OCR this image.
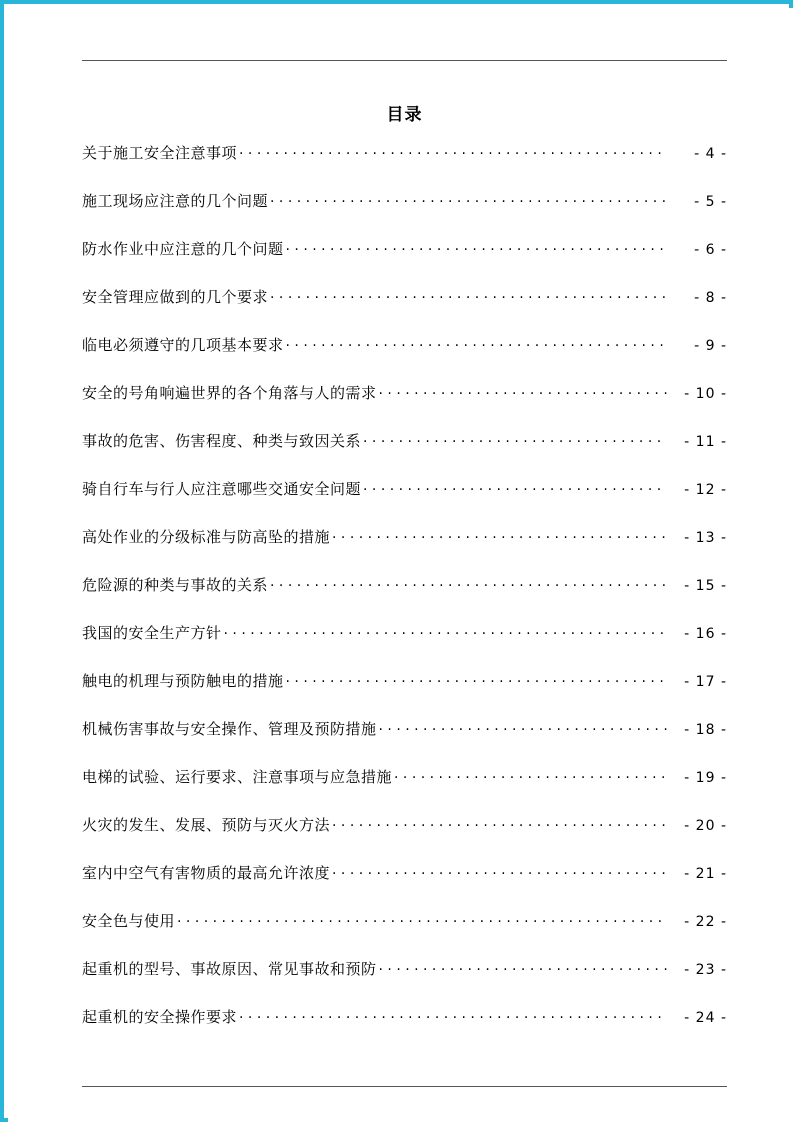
目录
关于施工安全注意事项 . . .	- 4 -
施工现场应注意的几个问题 . . .	- 5 -
防水作业中应注意的几个问题 . . .	- 6 -
安全管理应做到的几个要求 . . .	- 8 -
临电必须遵守的几项基本要求 . . .	- 9 -
安全的号角响遍世界的各个角落与人的需求 . . .	- 10 -
事故的危害、伤害程度、种类与致因关系 . . .	- 11 -
骑自行车与行人应注意哪些交通安全问题 . . .	- 12 -
高处作业的分级标准与防高坠的措施 . . .	- 13 -
危险源的种类与事故的关系 . . .	- 15 -
我国的安全生产方针 . . .	- 16 -
触电的机理与预防触电的措施 . . .	- 17 -
机械伤害事故与安全操作、管理及预防措施 . . .	- 18 -
电梯的试验、运行要求、注意事项与应急措施 . . .	- 19 -
火灾的发生、发展、预防与灭火方法 . . .	- 20 -
室内中空气有害物质的最高允许浓度 . . .	- 21 -
安全色与使用 . . .	- 22 -
起重机的型号、事故原因、常见事故和预防 . . .	- 23 -
起重机的安全操作要求 . . .	- 24 -
